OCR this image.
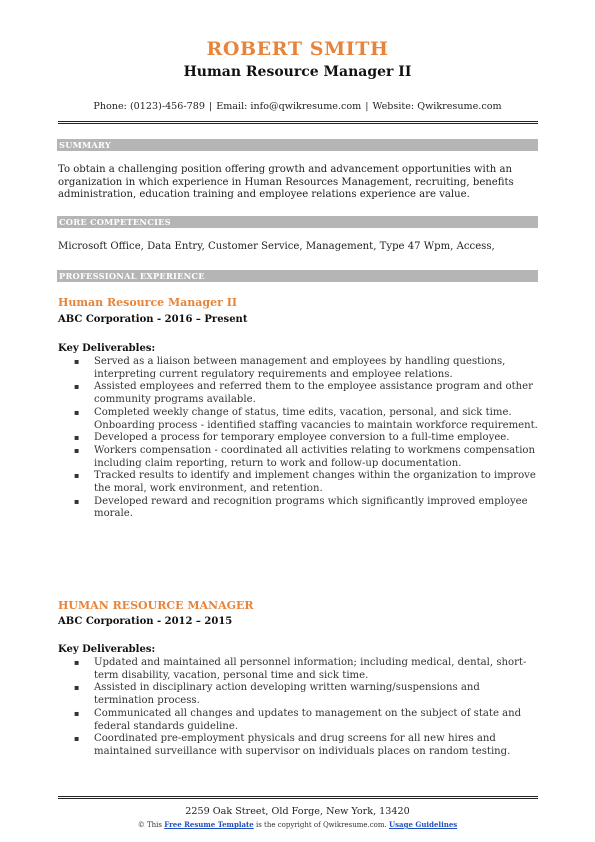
ROBERT SMITH
Human Resource Manager II
Phone: (0123)-456-789 | Email: info@qwikresume.com | Website: Qwikresume.com
SUMMARY
To obtain a challenging position offering growth and advancement opportunities with an organization in which experience in Human Resources Management, recruiting, benefits administration, education training and employee relations experience are value.
CORE COMPETENCIES
Microsoft Office, Data Entry, Customer Service, Management, Type 47 Wpm, Access,
PROFESSIONAL EXPERIENCE
Human Resource Manager II
ABC Corporation - 2016 – Present
Key Deliverables:
▪ Served as a liaison between management and employees by handling questions, interpreting current regulatory requirements and employee relations.
▪ Assisted employees and referred them to the employee assistance program and other community programs available.
▪ Completed weekly change of status, time edits, vacation, personal, and sick time. Onboarding process - identified staffing vacancies to maintain workforce requirement.
▪ Developed a process for temporary employee conversion to a full-time employee.
▪ Workers compensation - coordinated all activities relating to workmens compensation including claim reporting, return to work and follow-up documentation.
▪ Tracked results to identify and implement changes within the organization to improve the moral, work environment, and retention.
▪ Developed reward and recognition programs which significantly improved employee morale.
HUMAN RESOURCE MANAGER
ABC Corporation - 2012 – 2015
Key Deliverables:
▪ Updated and maintained all personnel information; including medical, dental, short-term disability, vacation, personal time and sick time.
▪ Assisted in disciplinary action developing written warning/suspensions and termination process.
▪ Communicated all changes and updates to management on the subject of state and federal standards guideline.
▪ Coordinated pre-employment physicals and drug screens for all new hires and maintained surveillance with supervisor on individuals places on random testing.
2259 Oak Street, Old Forge, New York, 13420
© This Free Resume Template is the copyright of Qwikresume.com. Usage Guidelines
